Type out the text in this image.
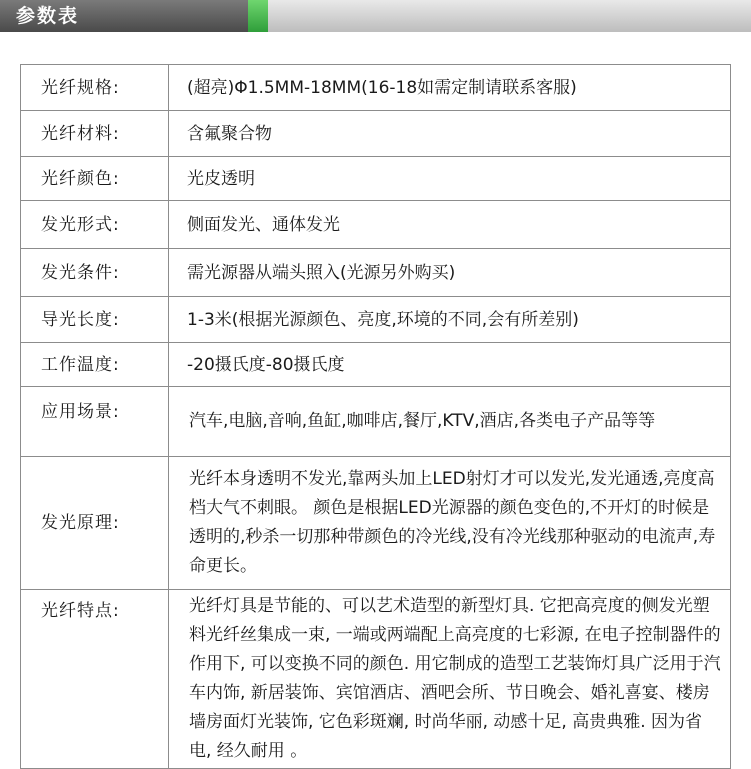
参数表
光纤规格:	(超亮)Φ1.5MM-18MM(16-18如需定制请联系客服)
光纤材料:	含氟聚合物
光纤颜色:	光皮透明
发光形式:	侧面发光、通体发光
发光条件:	需光源器从端头照入(光源另外购买)
导光长度:	1-3米(根据光源颜色、亮度,环境的不同,会有所差别)
工作温度:	-20摄氏度-80摄氏度
应用场景:	汽车,电脑,音响,鱼缸,咖啡店,餐厅,KTV,酒店,各类电子产品等等

发光原理:	光纤本身透明不发光,靠两头加上LED射灯才可以发光,发光通透,亮度高档大气不刺眼。 颜色是根据LED光源器的颜色变色的,不开灯的时候是透明的,秒杀一切那种带颜色的冷光线,没有冷光线那种驱动的电流声,寿命更长。

光纤特点:	光纤灯具是节能的、可以艺术造型的新型灯具. 它把高亮度的侧发光塑料光纤丝集成一束, 一端或两端配上高亮度的七彩源, 在电子控制器件的作用下, 可以变换不同的颜色. 用它制成的造型工艺装饰灯具广泛用于汽车内饰, 新居装饰、宾馆酒店、酒吧会所、节日晚会、婚礼喜宴、楼房墙房面灯光装饰, 它色彩斑斓, 时尚华丽, 动感十足, 高贵典雅. 因为省电, 经久耐用 。
